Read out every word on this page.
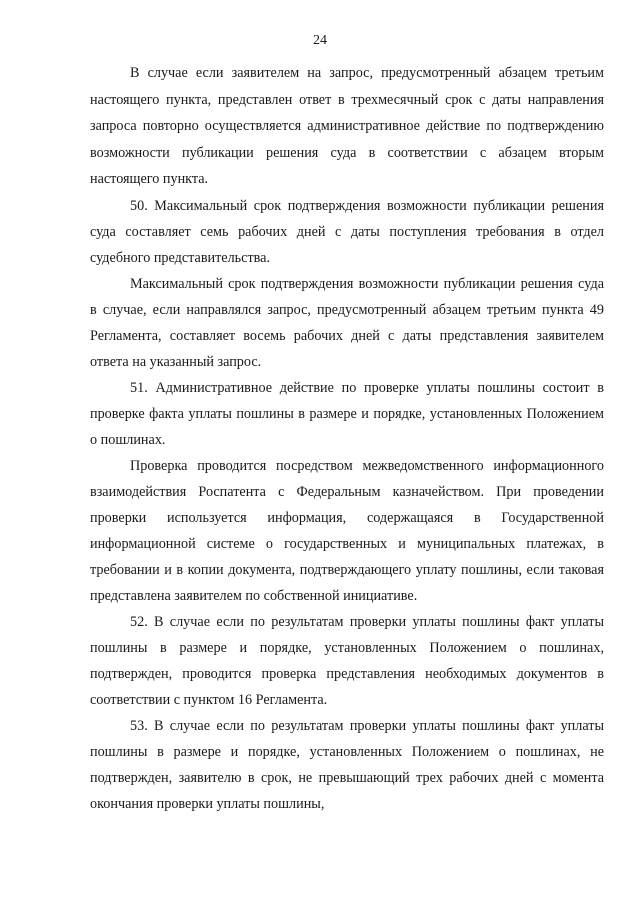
24

В случае если заявителем на запрос, предусмотренный абзацем третьим настоящего пункта, представлен ответ в трехмесячный срок с даты направления запроса повторно осуществляется административное действие по подтверждению возможности публикации решения суда в соответствии с абзацем вторым настоящего пункта.

50. Максимальный срок подтверждения возможности публикации решения суда составляет семь рабочих дней с даты поступления требования в отдел судебного представительства.

Максимальный срок подтверждения возможности публикации решения суда в случае, если направлялся запрос, предусмотренный абзацем третьим пункта 49 Регламента, составляет восемь рабочих дней с даты представления заявителем ответа на указанный запрос.

51. Административное действие по проверке уплаты пошлины состоит в проверке факта уплаты пошлины в размере и порядке, установленных Положением о пошлинах.

Проверка проводится посредством межведомственного информационного взаимодействия Роспатента с Федеральным казначейством. При проведении проверки используется информация, содержащаяся в Государственной информационной системе о государственных и муниципальных платежах, в требовании и в копии документа, подтверждающего уплату пошлины, если таковая представлена заявителем по собственной инициативе.

52. В случае если по результатам проверки уплаты пошлины факт уплаты пошлины в размере и порядке, установленных Положением о пошлинах, подтвержден, проводится проверка представления необходимых документов в соответствии с пунктом 16 Регламента.

53. В случае если по результатам проверки уплаты пошлины факт уплаты пошлины в размере и порядке, установленных Положением о пошлинах, не подтвержден, заявителю в срок, не превышающий трех рабочих дней с момента окончания проверки уплаты пошлины,
